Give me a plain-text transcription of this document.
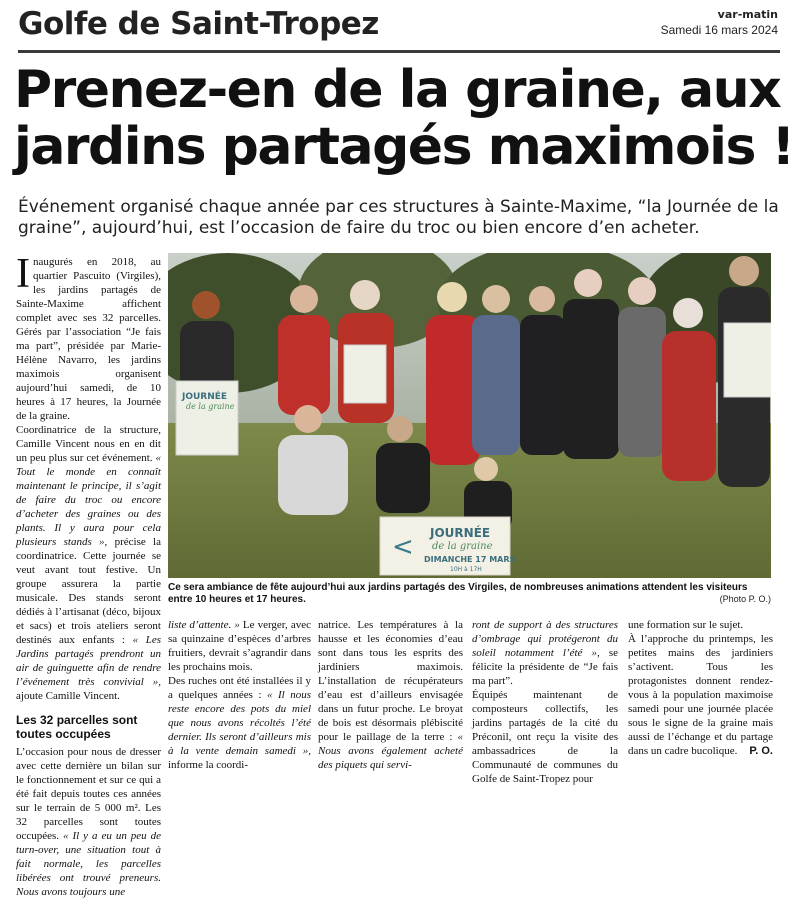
Golfe de Saint-Tropez	var-matin
Samedi 16 mars 2024
Prenez-en de la graine, aux jardins partagés maximois !
Événement organisé chaque année par ces structures à Sainte-Maxime, “la Journée de la graine”, aujourd’hui, est l’occasion de faire du troc ou bien encore d’en acheter.

Inaugurés en 2018, au quartier Pascuito (Virgiles), les jardins partagés de Sainte-Maxime affichent complet avec ses 32 parcelles. Gérés par l’association “Je fais ma part”, présidée par Marie-Hélène Navarro, les jardins maximois organisent aujourd’hui samedi, de 10 heures à 17 heures, la Journée de la graine.

Coordinatrice de la structure, Camille Vincent nous en en dit un peu plus sur cet événement. « Tout le monde en connaît maintenant le principe, il s’agit de faire du troc ou encore d’acheter des graines ou des plants. Il y aura pour cela plusieurs stands », précise la coordinatrice. Cette journée se veut avant tout festive. Un groupe assurera la partie musicale. Des stands seront dédiés à l’artisanat (déco, bijoux et sacs) et trois ateliers seront destinés aux enfants : « Les Jardins partagés prendront un air de guinguette afin de rendre l’événement très convivial », ajoute Camille Vincent.

Les 32 parcelles sont toutes occupées

L’occasion pour nous de dresser avec cette dernière un bilan sur le fonctionnement et sur ce qui a été fait depuis toutes ces années sur le terrain de 5 000 m². Les 32 parcelles sont toutes occupées. « Il y a eu un peu de turn-over, une situation tout à fait normale, les parcelles libérées ont trouvé preneurs. Nous avons toujours une

< JOURNÉE
de la graine
DIMANCHE 17 MARS
10H à 17H
JOURNÉE
de la graine
Ce sera ambiance de fête aujourd’hui aux jardins partagés des Virgiles, de nombreuses animations attendent les visiteurs entre 10 heures et 17 heures.	(Photo P. O.)

liste d’attente. » Le verger, avec sa quinzaine d’espèces d’arbres fruitiers, devrait s’agrandir dans les prochains mois.

Des ruches ont été installées il y a quelques années : « Il nous reste encore des pots du miel que nous avons récoltés l’été dernier. Ils seront d’ailleurs mis à la vente demain samedi », informe la coordi-

natrice. Les températures à la hausse et les économies d’eau sont dans tous les esprits des jardiniers maximois. L’installation de récupérateurs d’eau est d’ailleurs envisagée dans un futur proche. Le broyat de bois est désormais plébiscité pour le paillage de la terre : « Nous avons également acheté des piquets qui servi-

ront de support à des structures d’ombrage qui protégeront du soleil notamment l’été », se félicite la présidente de “Je fais ma part”.

Équipés maintenant de composteurs collectifs, les jardins partagés de la cité du Préconil, ont reçu la visite des ambassadrices de la Communauté de communes du Golfe de Saint-Tropez pour

une formation sur le sujet.

À l’approche du printemps, les petites mains des jardiniers s’activent. Tous les protagonistes donnent rendez-vous à la population maximoise samedi pour une journée placée sous le signe de la graine mais aussi de l’échange et du partage dans un cadre bucolique. P. O.
